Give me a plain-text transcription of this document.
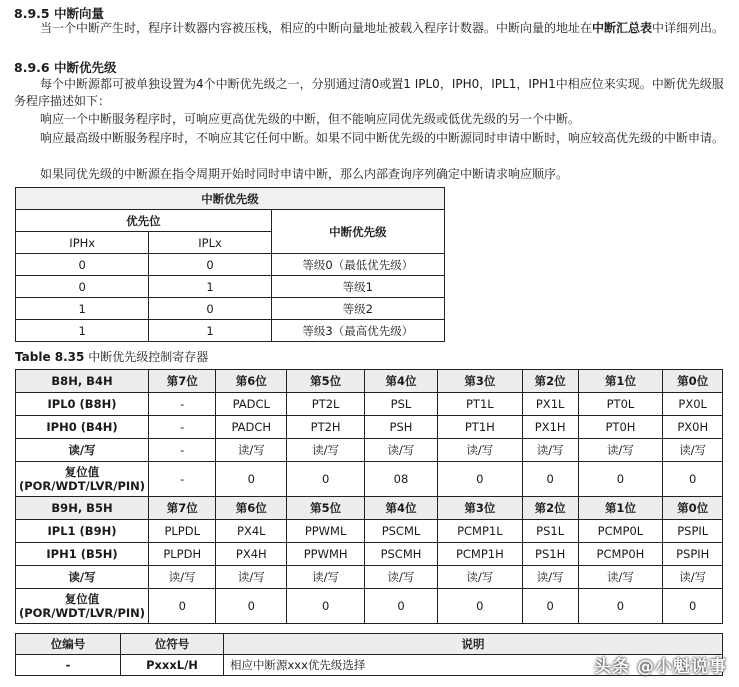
8.9.5 中断向量

当一个中断产生时，程序计数器内容被压栈，相应的中断向量地址被载入程序计数器。中断向量的地址在中断汇总表中详细列出。

8.9.6 中断优先级

每个中断源都可被单独设置为4个中断优先级之一，分别通过清0或置1 IPL0，IPH0，IPL1，IPH1中相应位来实现。中断优先级服务程序描述如下：

响应一个中断服务程序时，可响应更高优先级的中断，但不能响应同优先级或低优先级的另一个中断。

响应最高级中断服务程序时，不响应其它任何中断。如果不同中断优先级的中断源同时申请中断时，响应较高优先级的中断申请。

如果同优先级的中断源在指令周期开始时同时申请中断，那么内部查询序列确定中断请求响应顺序。

中断优先级		
优先位		中断优先级
IPHx	IPLx	
0	0	等级0（最低优先级）
0	1	等级1
1	0	等级2
1	1	等级3（最高优先级）
Table 8.35 中断优先级控制寄存器
B8H, B4H	第7位	第6位	第5位	第4位	第3位	第2位	第1位	第0位
IPL0 (B8H)	-	PADCL	PT2L	PSL	PT1L	PX1L	PT0L	PX0L
IPH0 (B4H)	-	PADCH	PT2H	PSH	PT1H	PX1H	PT0H	PX0H
读/写	-	读/写	读/写	读/写	读/写	读/写	读/写	读/写
复位值
(POR/WDT/LVR/PIN)	-	0	0	08	0	0	0	0
B9H, B5H	第7位	第6位	第5位	第4位	第3位	第2位	第1位	第0位
IPL1 (B9H)	PLPDL	PX4L	PPWML	PSCML	PCMP1L	PS1L	PCMP0L	PSPIL
IPH1 (B5H)	PLPDH	PX4H	PPWMH	PSCMH	PCMP1H	PS1H	PCMP0H	PSPIH
读/写	读/写	读/写	读/写	读/写	读/写	读/写	读/写	读/写
复位值
(POR/WDT/LVR/PIN)	0	0	0	0	0	0	0	0
位编号	位符号	说明
-	PxxxL/H	相应中断源xxx优先级选择	头条 @小魁说事
